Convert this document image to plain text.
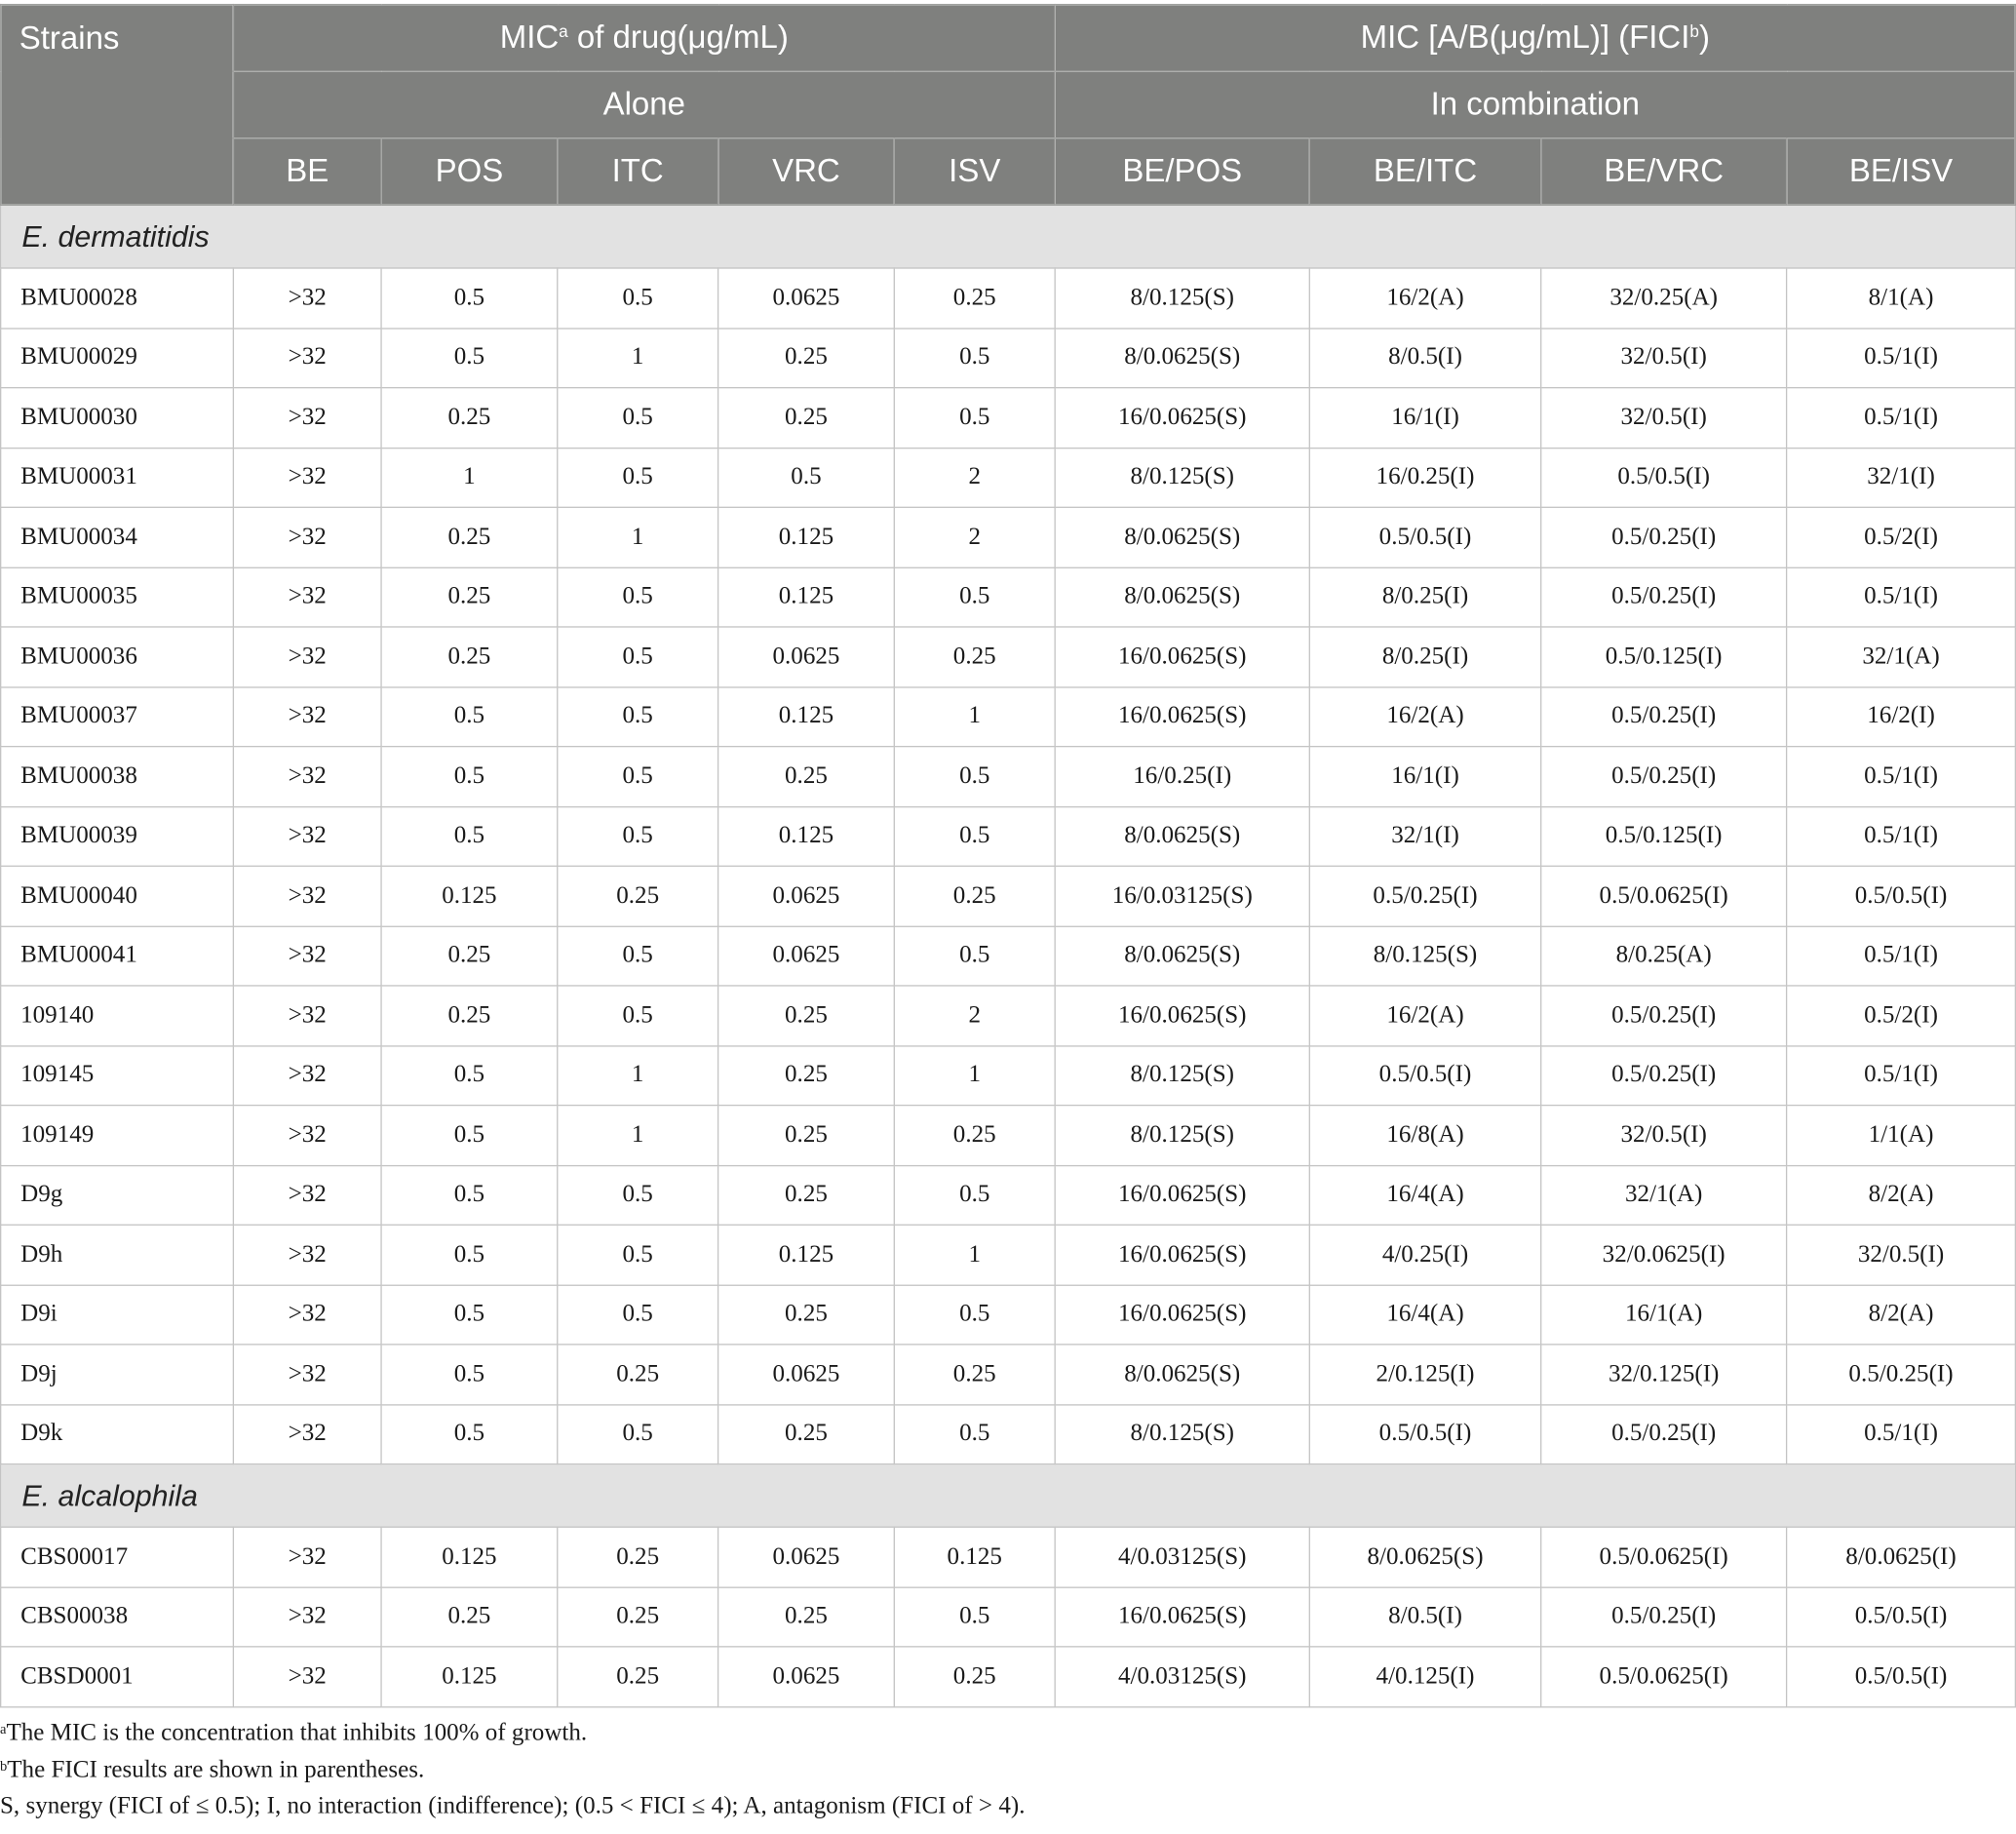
Strains	MIC$^a$ of drug(μg/mL)					MIC [A/B(μg/mL)] (FICI$^b$)			
	Alone					In combination			
	BE	POS	ITC	VRC	ISV	BE/POS	BE/ITC	BE/VRC	BE/ISV
E. dermatitidis									
BMU00028	>32	0.5	0.5	0.0625	0.25	8/0.125(S)	16/2(A)	32/0.25(A)	8/1(A)
BMU00029	>32	0.5	1	0.25	0.5	8/0.0625(S)	8/0.5(I)	32/0.5(I)	0.5/1(I)
BMU00030	>32	0.25	0.5	0.25	0.5	16/0.0625(S)	16/1(I)	32/0.5(I)	0.5/1(I)
BMU00031	>32	1	0.5	0.5	2	8/0.125(S)	16/0.25(I)	0.5/0.5(I)	32/1(I)
BMU00034	>32	0.25	1	0.125	2	8/0.0625(S)	0.5/0.5(I)	0.5/0.25(I)	0.5/2(I)
BMU00035	>32	0.25	0.5	0.125	0.5	8/0.0625(S)	8/0.25(I)	0.5/0.25(I)	0.5/1(I)
BMU00036	>32	0.25	0.5	0.0625	0.25	16/0.0625(S)	8/0.25(I)	0.5/0.125(I)	32/1(A)
BMU00037	>32	0.5	0.5	0.125	1	16/0.0625(S)	16/2(A)	0.5/0.25(I)	16/2(I)
BMU00038	>32	0.5	0.5	0.25	0.5	16/0.25(I)	16/1(I)	0.5/0.25(I)	0.5/1(I)
BMU00039	>32	0.5	0.5	0.125	0.5	8/0.0625(S)	32/1(I)	0.5/0.125(I)	0.5/1(I)
BMU00040	>32	0.125	0.25	0.0625	0.25	16/0.03125(S)	0.5/0.25(I)	0.5/0.0625(I)	0.5/0.5(I)
BMU00041	>32	0.25	0.5	0.0625	0.5	8/0.0625(S)	8/0.125(S)	8/0.25(A)	0.5/1(I)
109140	>32	0.25	0.5	0.25	2	16/0.0625(S)	16/2(A)	0.5/0.25(I)	0.5/2(I)
109145	>32	0.5	1	0.25	1	8/0.125(S)	0.5/0.5(I)	0.5/0.25(I)	0.5/1(I)
109149	>32	0.5	1	0.25	0.25	8/0.125(S)	16/8(A)	32/0.5(I)	1/1(A)
D9g	>32	0.5	0.5	0.25	0.5	16/0.0625(S)	16/4(A)	32/1(A)	8/2(A)
D9h	>32	0.5	0.5	0.125	1	16/0.0625(S)	4/0.25(I)	32/0.0625(I)	32/0.5(I)
D9i	>32	0.5	0.5	0.25	0.5	16/0.0625(S)	16/4(A)	16/1(A)	8/2(A)
D9j	>32	0.5	0.25	0.0625	0.25	8/0.0625(S)	2/0.125(I)	32/0.125(I)	0.5/0.25(I)
D9k	>32	0.5	0.5	0.25	0.5	8/0.125(S)	0.5/0.5(I)	0.5/0.25(I)	0.5/1(I)
E. alcalophila									
CBS00017	>32	0.125	0.25	0.0625	0.125	4/0.03125(S)	8/0.0625(S)	0.5/0.0625(I)	8/0.0625(I)
CBS00038	>32	0.25	0.25	0.25	0.5	16/0.0625(S)	8/0.5(I)	0.5/0.25(I)	0.5/0.5(I)
CBSD0001	>32	0.125	0.25	0.0625	0.25	4/0.03125(S)	4/0.125(I)	0.5/0.0625(I)	0.5/0.5(I)
$^a$The MIC is the concentration that inhibits 100% of growth.
$^b$The FICI results are shown in parentheses.
S, synergy (FICI of ≤ 0.5); I, no interaction (indifference); (0.5 < FICI ≤ 4); A, antagonism (FICI of > 4).
